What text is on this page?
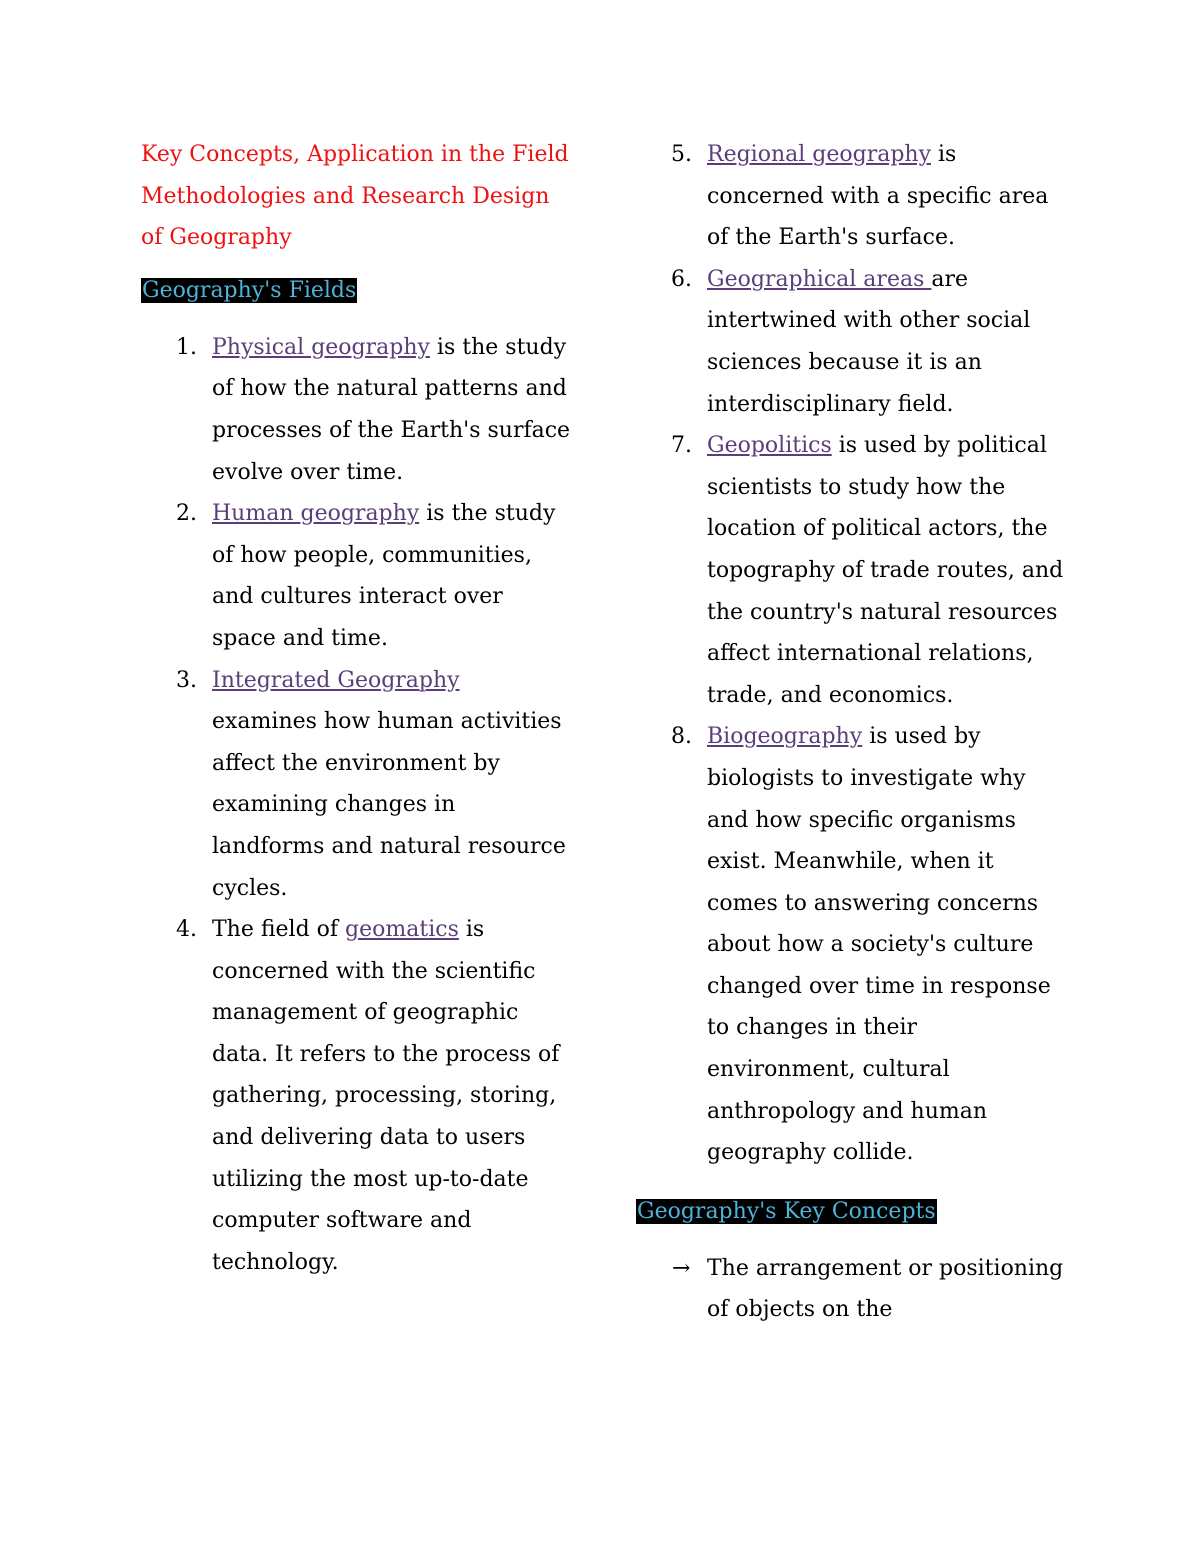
Key Concepts, Application in the Field Methodologies and Research Design of Geography
Geography's Fields
1. Physical geography is the study of how the natural patterns and processes of the Earth's surface evolve over time.
2. Human geography is the study of how people, communities, and cultures interact over space and time.
3. Integrated Geography examines how human activities affect the environment by examining changes in landforms and natural resource cycles.
4. The field of geomatics is concerned with the scientific management of geographic data. It refers to the process of gathering, processing, storing, and delivering data to users utilizing the most up-to-date computer software and technology.
5. Regional geography is concerned with a specific area of the Earth's surface.
6. Geographical areas are intertwined with other social sciences because it is an interdisciplinary field.
7. Geopolitics is used by political scientists to study how the location of political actors, the topography of trade routes, and the country's natural resources affect international relations, trade, and economics.
8. Biogeography is used by biologists to investigate why and how specific organisms exist. Meanwhile, when it comes to answering concerns about how a society's culture changed over time in response to changes in their environment, cultural anthropology and human geography collide.
Geography's Key Concepts
→ The arrangement or positioning of objects on the
